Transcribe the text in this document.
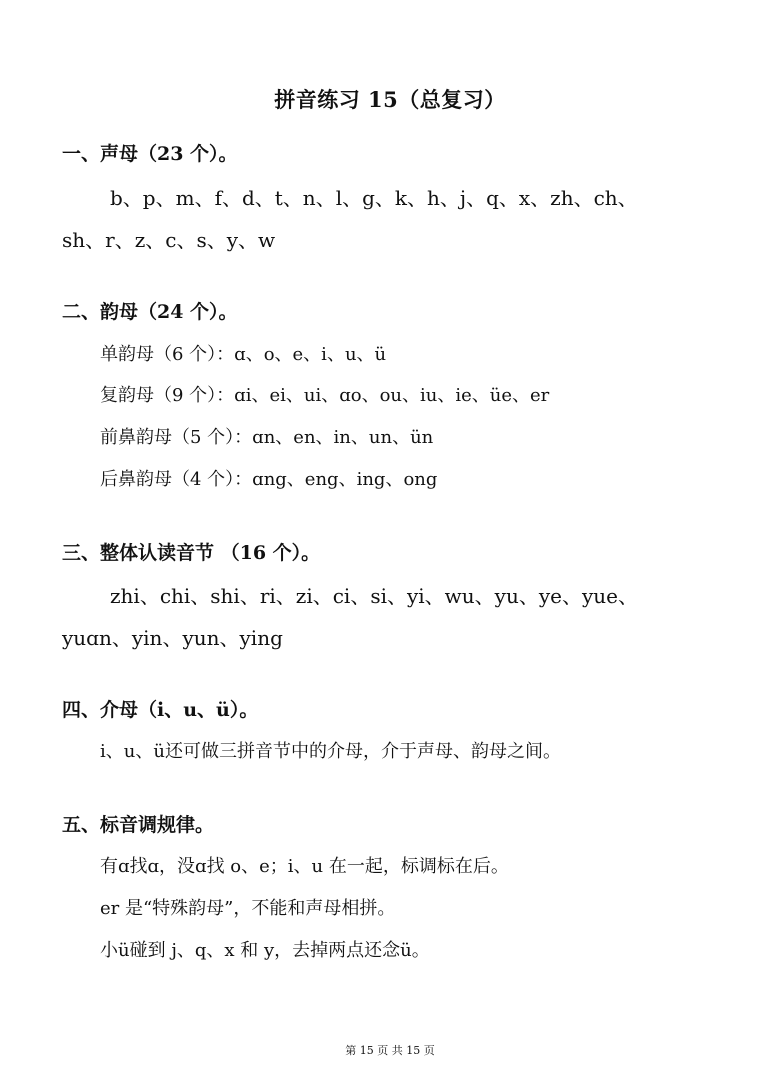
拼音练习 15（总复习）
一、声母（23 个）。
b、p、m、f、d、t、n、l、g、k、h、j、q、x、zh、ch、
sh、r、z、c、s、y、w
二、韵母（24 个）。
单韵母（6 个）：ɑ、o、e、i、u、ü
复韵母（9 个）：ɑi、ei、ui、ɑo、ou、iu、ie、üe、er
前鼻韵母（5 个）：ɑn、en、in、un、ün
后鼻韵母（4 个）：ɑng、eng、ing、ong
三、整体认读音节 （16 个）。
zhi、chi、shi、ri、zi、ci、si、yi、wu、yu、ye、yue、
yuɑn、yin、yun、ying
四、介母（i、u、ü）。
i、u、ü还可做三拼音节中的介母，介于声母、韵母之间。
五、标音调规律。
有ɑ找ɑ，没ɑ找 o、e；i、u 在一起，标调标在后。
er 是“特殊韵母”，不能和声母相拼。
小ü碰到 j、q、x 和 y，去掉两点还念ü。
第 15 页 共 15 页
